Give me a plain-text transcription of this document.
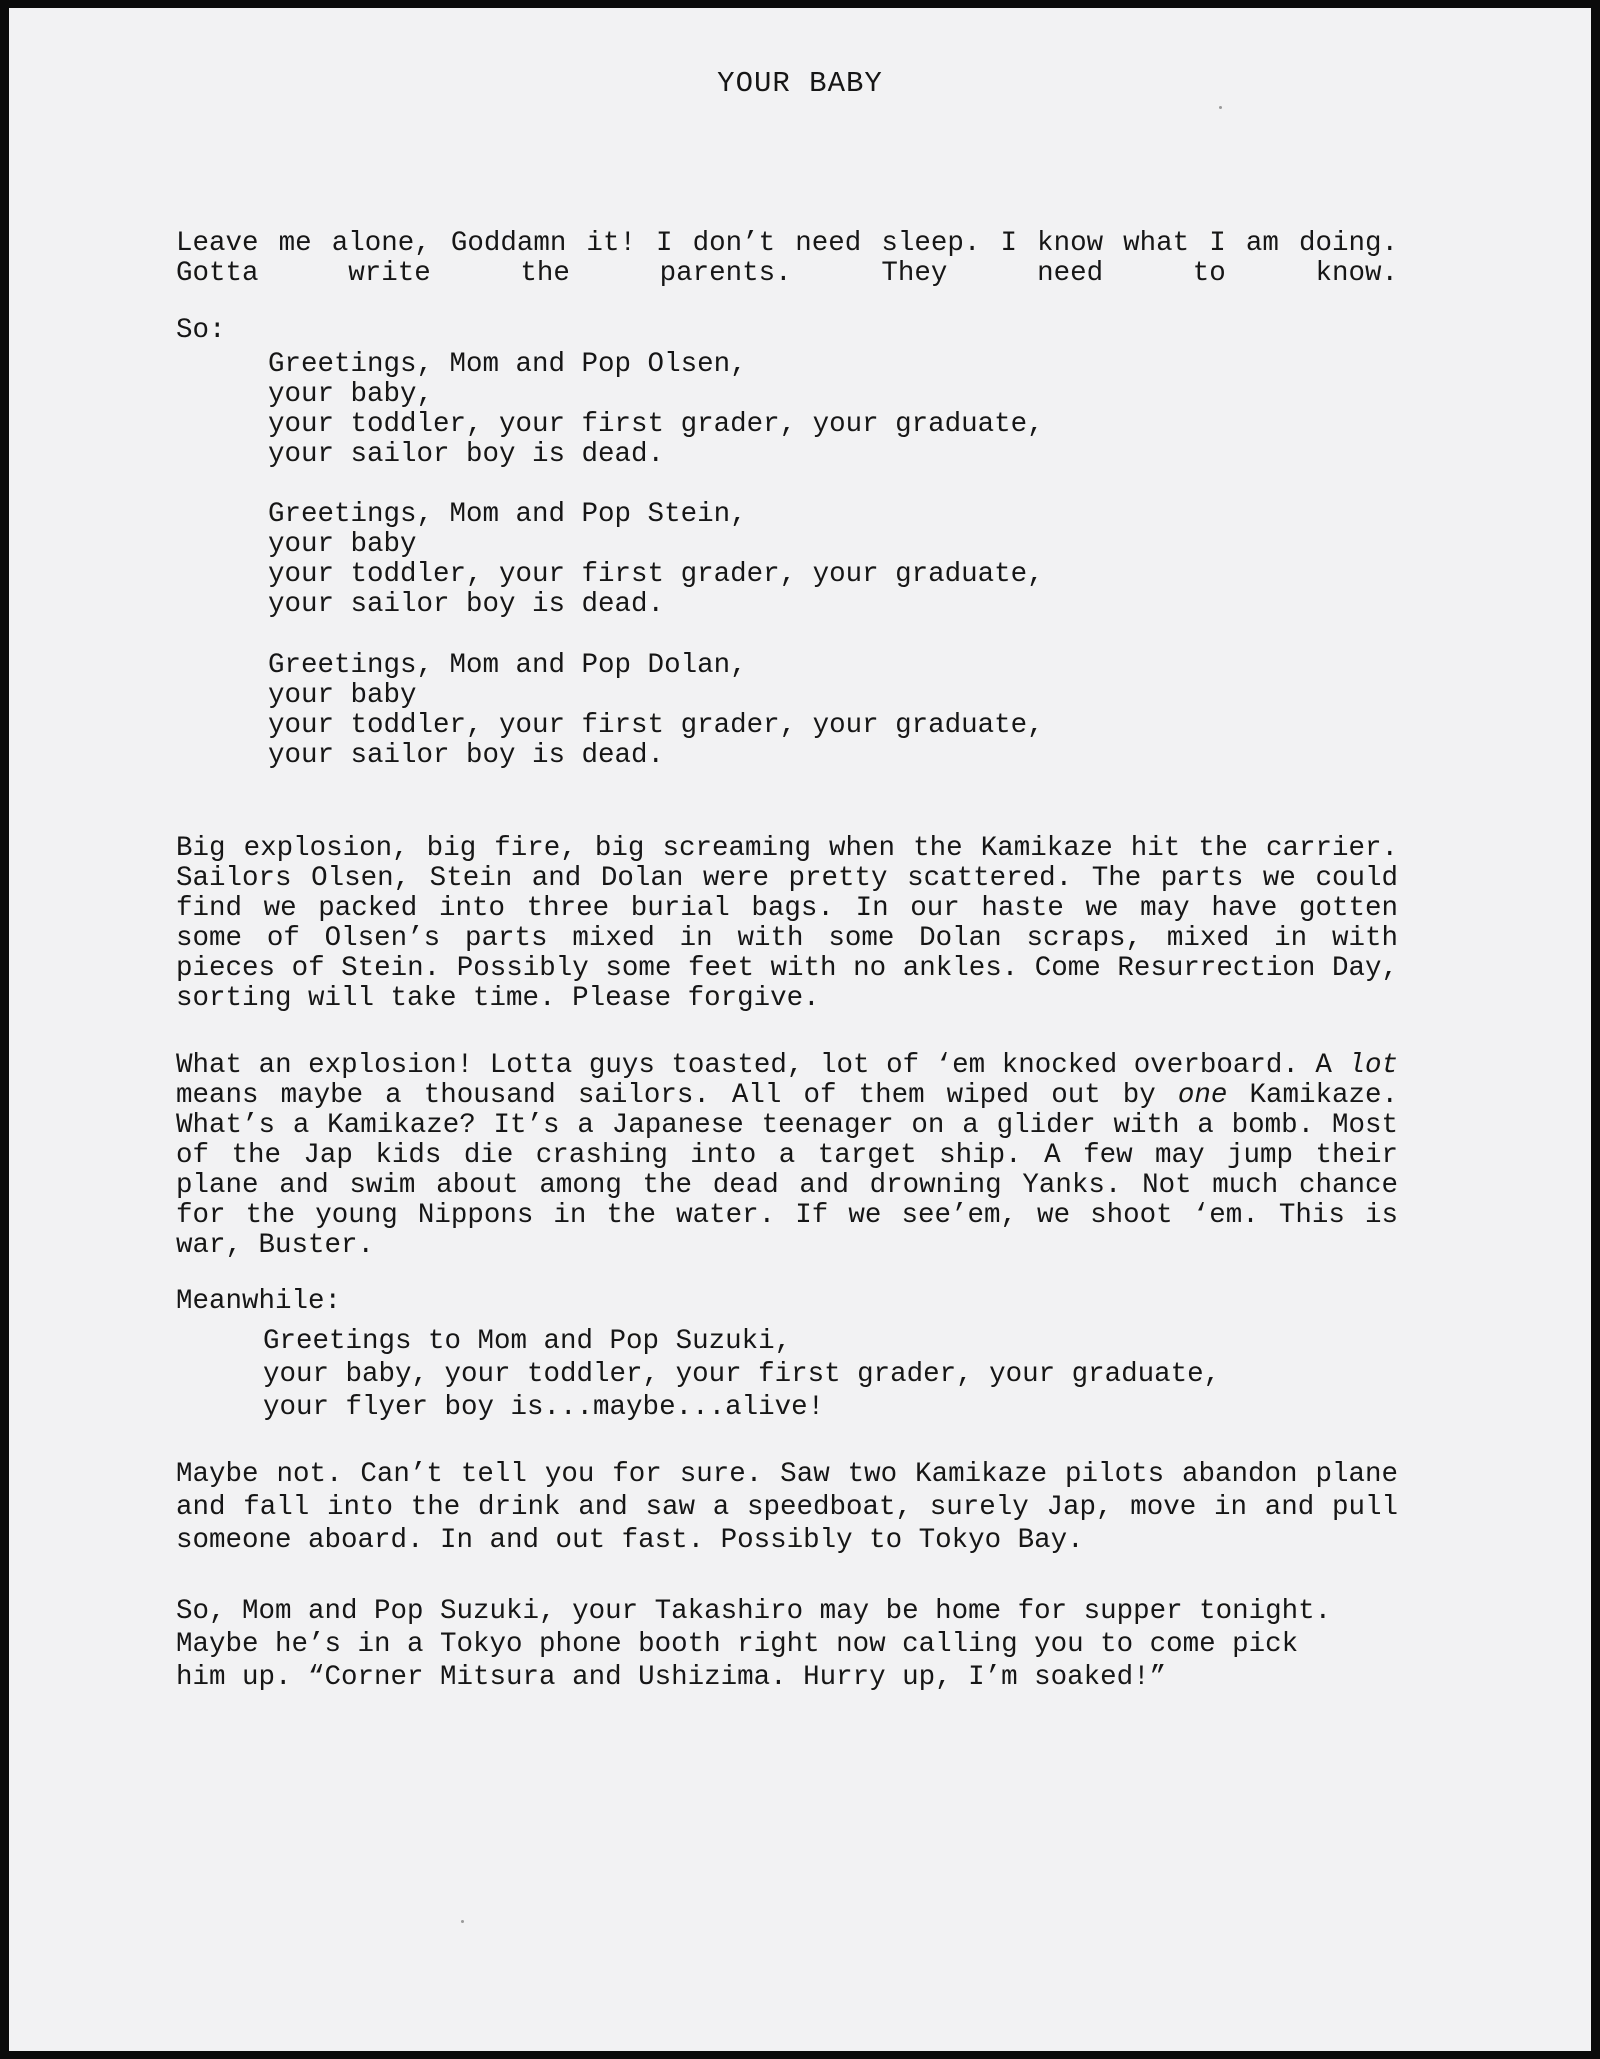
YOUR BABY

Leave me alone, Goddamn it! I don’t need sleep. I know what I am doing. Gotta write the parents. They need to know.

So:

Greetings, Mom and Pop Olsen,
your baby,
your toddler, your first grader, your graduate,
your sailor boy is dead.
Greetings, Mom and Pop Stein,
your baby
your toddler, your first grader, your graduate,
your sailor boy is dead.
Greetings, Mom and Pop Dolan,
your baby
your toddler, your first grader, your graduate,
your sailor boy is dead.

Big explosion, big fire, big screaming when the Kamikaze hit the carrier. Sailors Olsen, Stein and Dolan were pretty scattered. The parts we could find we packed into three burial bags. In our haste we may have gotten some of Olsen’s parts mixed in with some Dolan scraps, mixed in with pieces of Stein. Possibly some feet with no ankles. Come Resurrection Day, sorting will take time. Please forgive.

What an explosion! Lotta guys toasted, lot of ‘em knocked overboard. A lot means maybe a thousand sailors. All of them wiped out by one Kamikaze. What’s a Kamikaze? It’s a Japanese teenager on a glider with a bomb. Most of the Jap kids die crashing into a target ship. A few may jump their plane and swim about among the dead and drowning Yanks. Not much chance for the young Nippons in the water. If we see’em, we shoot ‘em. This is war, Buster.

Meanwhile:

Greetings to Mom and Pop Suzuki,
your baby, your toddler, your first grader, your graduate,
your flyer boy is...maybe...alive!

Maybe not. Can’t tell you for sure. Saw two Kamikaze pilots abandon plane and fall into the drink and saw a speedboat, surely Jap, move in and pull someone aboard. In and out fast. Possibly to Tokyo Bay.

So, Mom and Pop Suzuki, your Takashiro may be home for supper tonight.
Maybe he’s in a Tokyo phone booth right now calling you to come pick
him up. “Corner Mitsura and Ushizima. Hurry up, I’m soaked!”
